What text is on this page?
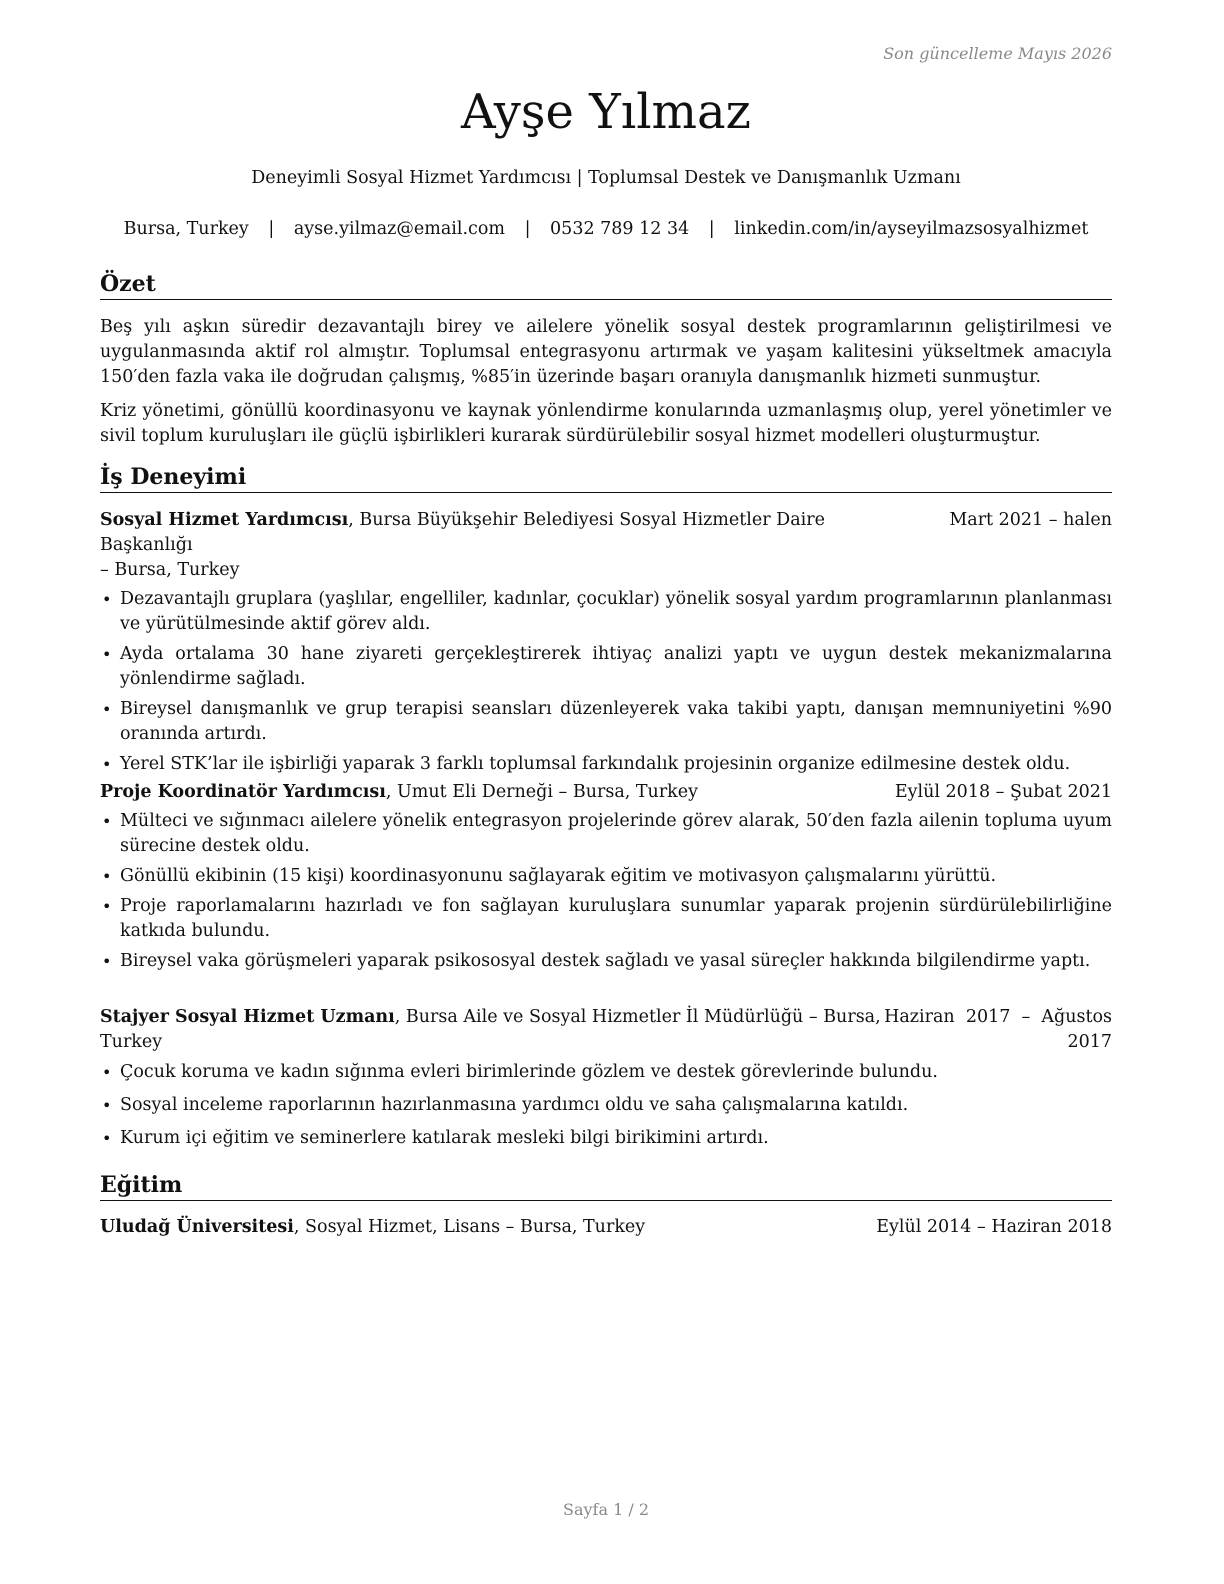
Son güncelleme Mayıs 2026
Ayşe Yılmaz
Deneyimli Sosyal Hizmet Yardımcısı | Toplumsal Destek ve Danışmanlık Uzmanı
Bursa, Turkey | ayse.yilmaz@email.com | 0532 789 12 34 | linkedin.com/in/ayseyilmazsosyalhizmet
Özet

Beş yılı aşkın süredir dezavantajlı birey ve ailelere yönelik sosyal destek programlarının geliştirilmesi ve uygulanmasında aktif rol almıştır. Toplumsal entegrasyonu artırmak ve yaşam kalitesini yükseltmek amacıyla 150′den fazla vaka ile doğrudan çalışmış, %85′in üzerinde başarı oranıyla danışmanlık hizmeti sunmuştur.

Kriz yönetimi, gönüllü koordinasyonu ve kaynak yönlendirme konularında uzmanlaşmış olup, yerel yönetimler ve sivil toplum kuruluşları ile güçlü işbirlikleri kurarak sürdürülebilir sosyal hizmet modelleri oluşturmuştur.

İş Deneyimi
Sosyal Hizmet Yardımcısı, Bursa Büyükşehir Belediyesi Sosyal Hizmetler Daire Başkanlığı
– Bursa, Turkey
Mart 2021 – halen
• Dezavantajlı gruplara (yaşlılar, engelliler, kadınlar, çocuklar) yönelik sosyal yardım programlarının planlanması ve yürütülmesinde aktif görev aldı.
• Ayda ortalama 30 hane ziyareti gerçekleştirerek ihtiyaç analizi yaptı ve uygun destek mekanizmalarına yönlendirme sağladı.
• Bireysel danışmanlık ve grup terapisi seansları düzenleyerek vaka takibi yaptı, danışan memnuniyetini %90 oranında artırdı.
• Yerel STK’lar ile işbirliği yaparak 3 farklı toplumsal farkındalık projesinin organize edilmesine destek oldu.
Proje Koordinatör Yardımcısı, Umut Eli Derneği – Bursa, Turkey	Eylül 2018 – Şubat 2021
• Mülteci ve sığınmacı ailelere yönelik entegrasyon projelerinde görev alarak, 50′den fazla ailenin topluma uyum sürecine destek oldu.
• Gönüllü ekibinin (15 kişi) koordinasyonunu sağlayarak eğitim ve motivasyon çalışmalarını yürüttü.
• Proje raporlamalarını hazırladı ve fon sağlayan kuruluşlara sunumlar yaparak projenin sürdürülebilirliğine katkıda bulundu.
• Bireysel vaka görüşmeleri yaparak psikososyal destek sağladı ve yasal süreçler hakkında bilgilendirme yaptı.
Stajyer Sosyal Hizmet Uzmanı, Bursa Aile ve Sosyal Hizmetler İl Müdürlüğü – Bursa,
Turkey
Haziran  2017  –  Ağustos
2017
• Çocuk koruma ve kadın sığınma evleri birimlerinde gözlem ve destek görevlerinde bulundu.
• Sosyal inceleme raporlarının hazırlanmasına yardımcı oldu ve saha çalışmalarına katıldı.
• Kurum içi eğitim ve seminerlere katılarak mesleki bilgi birikimini artırdı.
Eğitim
Uludağ Üniversitesi, Sosyal Hizmet, Lisans – Bursa, Turkey	Eylül 2014 – Haziran 2018
Sayfa 1 / 2
